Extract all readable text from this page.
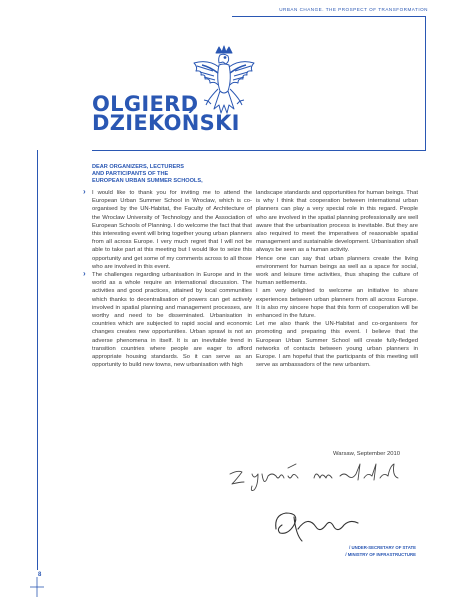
URBAN CHANGE. THE PROSPECT OF TRANSFORMATION
OLGIERD
DZIEKOŃSKI
DEAR ORGANIZERS, LECTURERS
AND PARTICIPANTS OF THE
EUROPEAN URBAN SUMMER SCHOOLS,

› I would like to thank you for inviting me to attend the European Urban Summer School in Wroclaw, which is co-organised by the UN-Habitat, the Faculty of Architecture of the Wroclaw University of Technology and the Association of European Schools of Planning. I do welcome the fact that that this interesting event will bring together young urban planners from all across Europe. I very much regret that I will not be able to take part at this meeting but I would like to seize this opportunity and get some of my comments across to all those who are involved in this event.

› The challenges regarding urbanisation in Europe and in the world as a whole require an international discussion. The activities and good practices, attained by local communities which thanks to decentralisation of powers can get actively involved in spatial planning and management processes, are worthy and need to be disseminated. Urbanisation in countries which are subjected to rapid social and economic changes creates new opportunities. Urban sprawl is not an adverse phenomena in itself. It is an inevitable trend in transition countries where people are eager to afford appropriate housing standards. So it can serve as an opportunity to build new towns, new urbanisation with high

landscape standards and opportunities for human beings. That is why I think that cooperation between international urban planners can play a very special role in this regard. People who are involved in the spatial planning professionally are well aware that the urbanisation process is inevitable. But they are also required to meet the imperatives of reasonable spatial management and sustainable development. Urbanisation shall always be seen as a human activity.

Hence one can say that urban planners create the living environment for human beings as well as a space for social, work and leisure time activities, thus shaping the culture of human settlements.

I am very delighted to welcome an initiative to share experiences between urban planners from all across Europe. It is also my sincere hope that this form of cooperation will be enhanced in the future.

Let me also thank the UN-Habitat and co-organisers for promoting and preparing this event. I believe that the European Urban Summer School will create fully-fledged networks of contacts between young urban planners in Europe. I am hopeful that the participants of this meeting will serve as ambassadors of the new urbanism.

Warsaw, September 2010
/ UNDER-SECRETARY OF STATE
/ MINISTRY OF INFRASTRUCTURE
8
